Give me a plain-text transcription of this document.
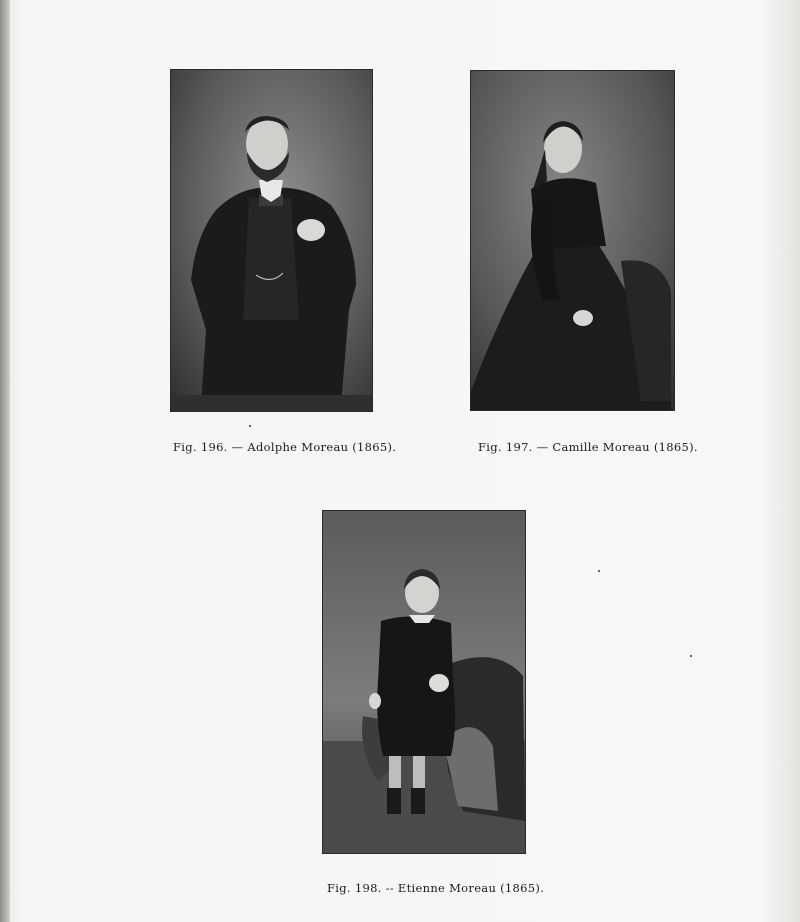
Fig. 196. — Adolphe Moreau (1865).	Fig. 197. — Camille Moreau (1865).
Fig. 198. -- Etienne Moreau (1865).
